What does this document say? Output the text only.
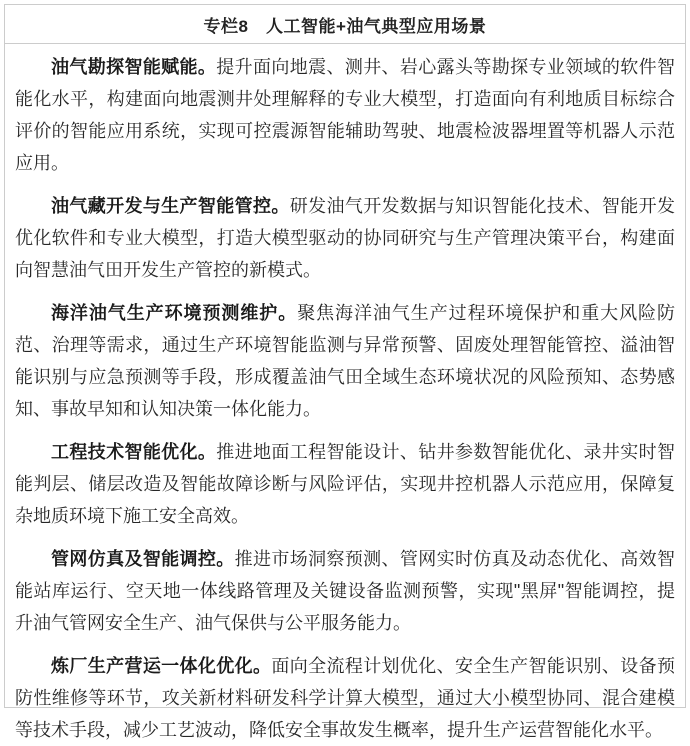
专栏8　人工智能+油气典型应用场景

油气勘探智能赋能。提升面向地震、测井、岩心露头等勘探专业领域的软件智能化水平，构建面向地震测井处理解释的专业大模型，打造面向有利地质目标综合评价的智能应用系统，实现可控震源智能辅助驾驶、地震检波器埋置等机器人示范应用。

油气藏开发与生产智能管控。研发油气开发数据与知识智能化技术、智能开发优化软件和专业大模型，打造大模型驱动的协同研究与生产管理决策平台，构建面向智慧油气田开发生产管控的新模式。

海洋油气生产环境预测维护。聚焦海洋油气生产过程环境保护和重大风险防范、治理等需求，通过生产环境智能监测与异常预警、固废处理智能管控、溢油智能识别与应急预测等手段，形成覆盖油气田全域生态环境状况的风险预知、态势感知、事故早知和认知决策一体化能力。

工程技术智能优化。推进地面工程智能设计、钻井参数智能优化、录井实时智能判层、储层改造及智能故障诊断与风险评估，实现井控机器人示范应用，保障复杂地质环境下施工安全高效。

管网仿真及智能调控。推进市场洞察预测、管网实时仿真及动态优化、高效智能站库运行、空天地一体线路管理及关键设备监测预警，实现"黑屏"智能调控，提升油气管网安全生产、油气保供与公平服务能力。

炼厂生产营运一体化优化。面向全流程计划优化、安全生产智能识别、设备预防性维修等环节，攻关新材料研发科学计算大模型，通过大小模型协同、混合建模等技术手段，减少工艺波动，降低安全事故发生概率，提升生产运营智能化水平。
